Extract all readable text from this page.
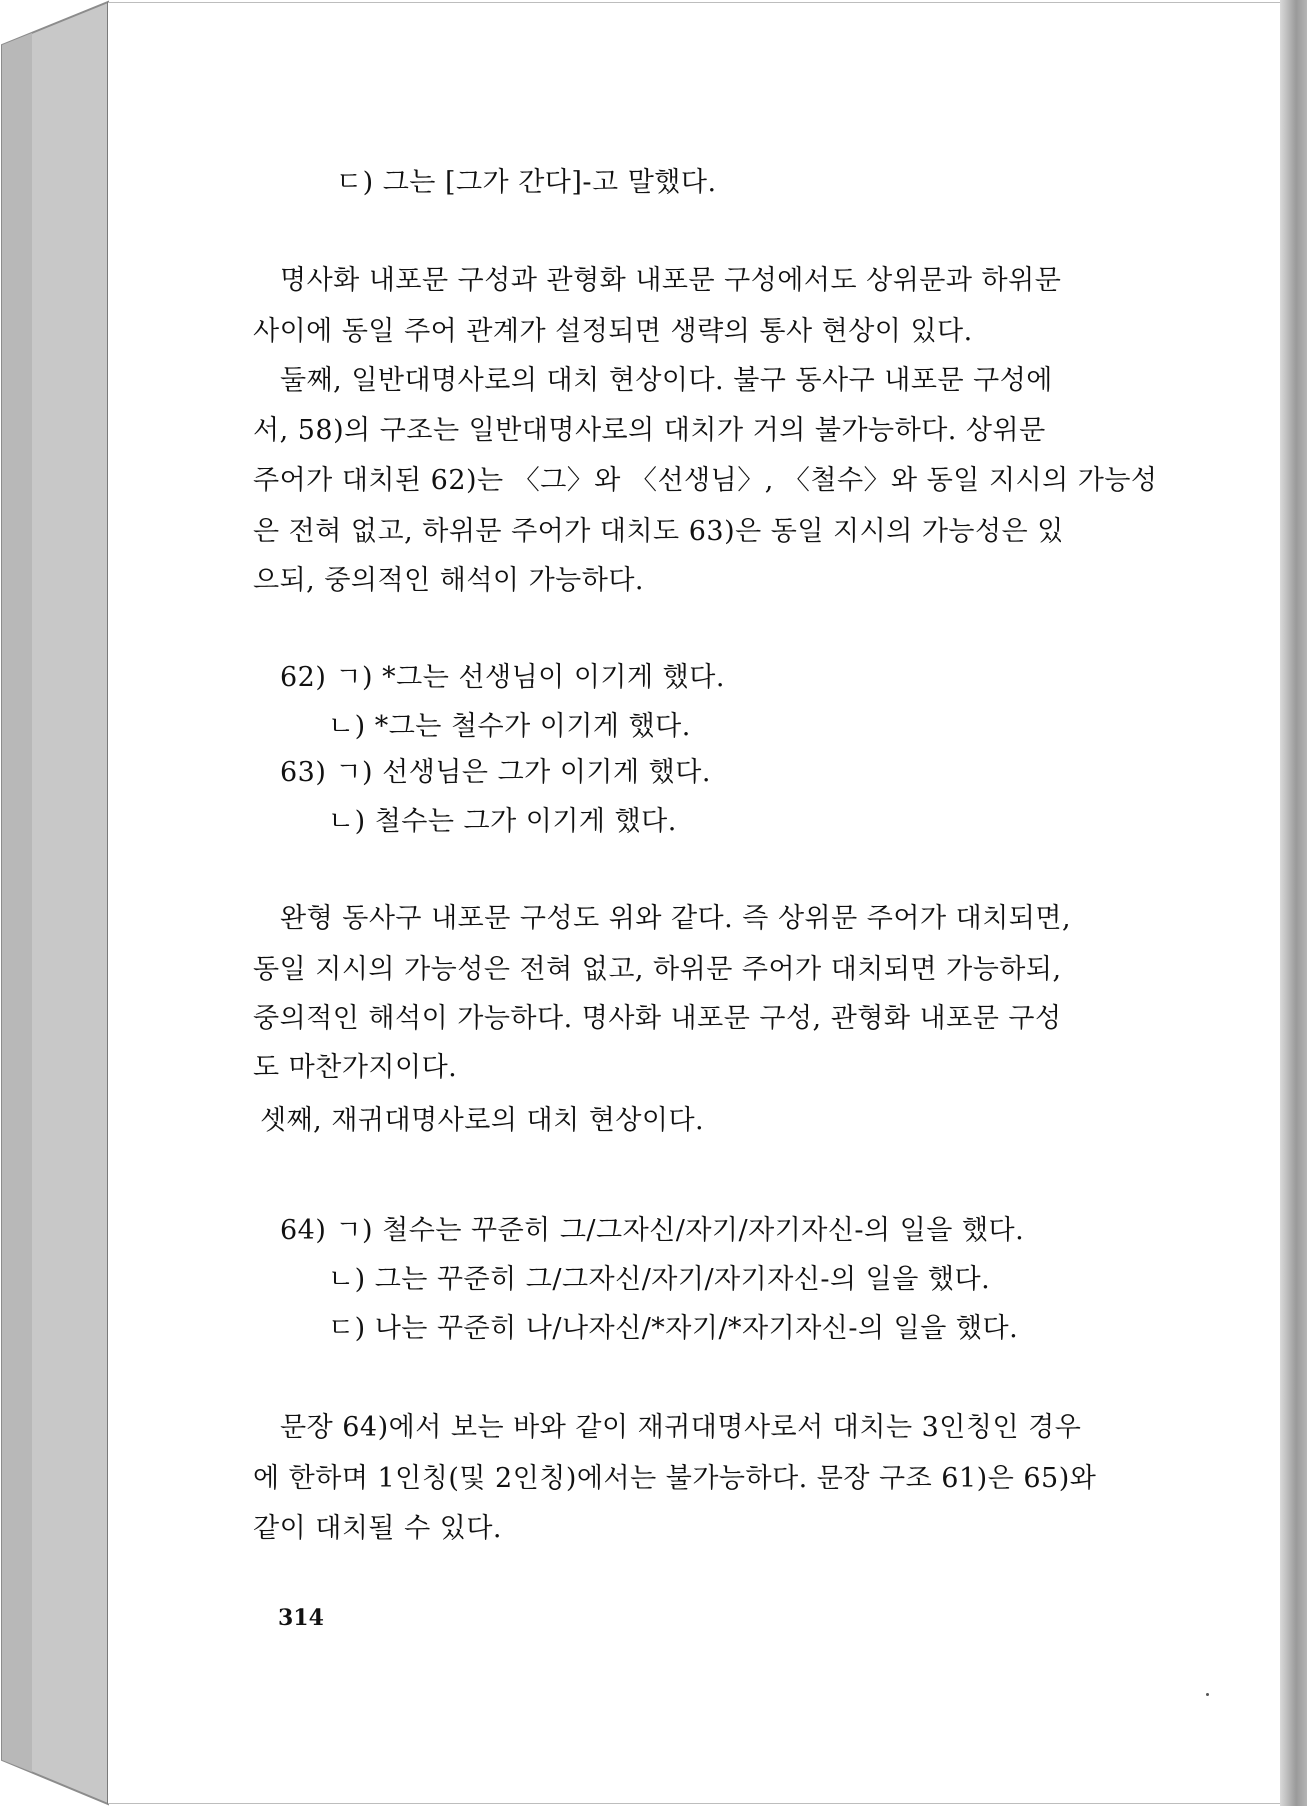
ㄷ) 그는 [그가 간다]-고 말했다.
명사화 내포문 구성과 관형화 내포문 구성에서도 상위문과 하위문
사이에 동일 주어 관계가 설정되면 생략의 통사 현상이 있다.
둘째, 일반대명사로의 대치 현상이다. 불구 동사구 내포문 구성에
서, 58)의 구조는 일반대명사로의 대치가 거의 불가능하다. 상위문
주어가 대치된 62)는 〈그〉와 〈선생님〉, 〈철수〉와 동일 지시의 가능성
은 전혀 없고, 하위문 주어가 대치도 63)은 동일 지시의 가능성은 있
으되, 중의적인 해석이 가능하다.
62) ㄱ) *그는 선생님이 이기게 했다.
ㄴ) *그는 철수가 이기게 했다.
63) ㄱ) 선생님은 그가 이기게 했다.
ㄴ) 철수는 그가 이기게 했다.
완형 동사구 내포문 구성도 위와 같다. 즉 상위문 주어가 대치되면,
동일 지시의 가능성은 전혀 없고, 하위문 주어가 대치되면 가능하되,
중의적인 해석이 가능하다. 명사화 내포문 구성, 관형화 내포문 구성
도 마찬가지이다.
셋째, 재귀대명사로의 대치 현상이다.
64) ㄱ) 철수는 꾸준히 그/그자신/자기/자기자신-의 일을 했다.
ㄴ) 그는 꾸준히 그/그자신/자기/자기자신-의 일을 했다.
ㄷ) 나는 꾸준히 나/나자신/*자기/*자기자신-의 일을 했다.
문장 64)에서 보는 바와 같이 재귀대명사로서 대치는 3인칭인 경우
에 한하며 1인칭(및 2인칭)에서는 불가능하다. 문장 구조 61)은 65)와
같이 대치될 수 있다.
314
